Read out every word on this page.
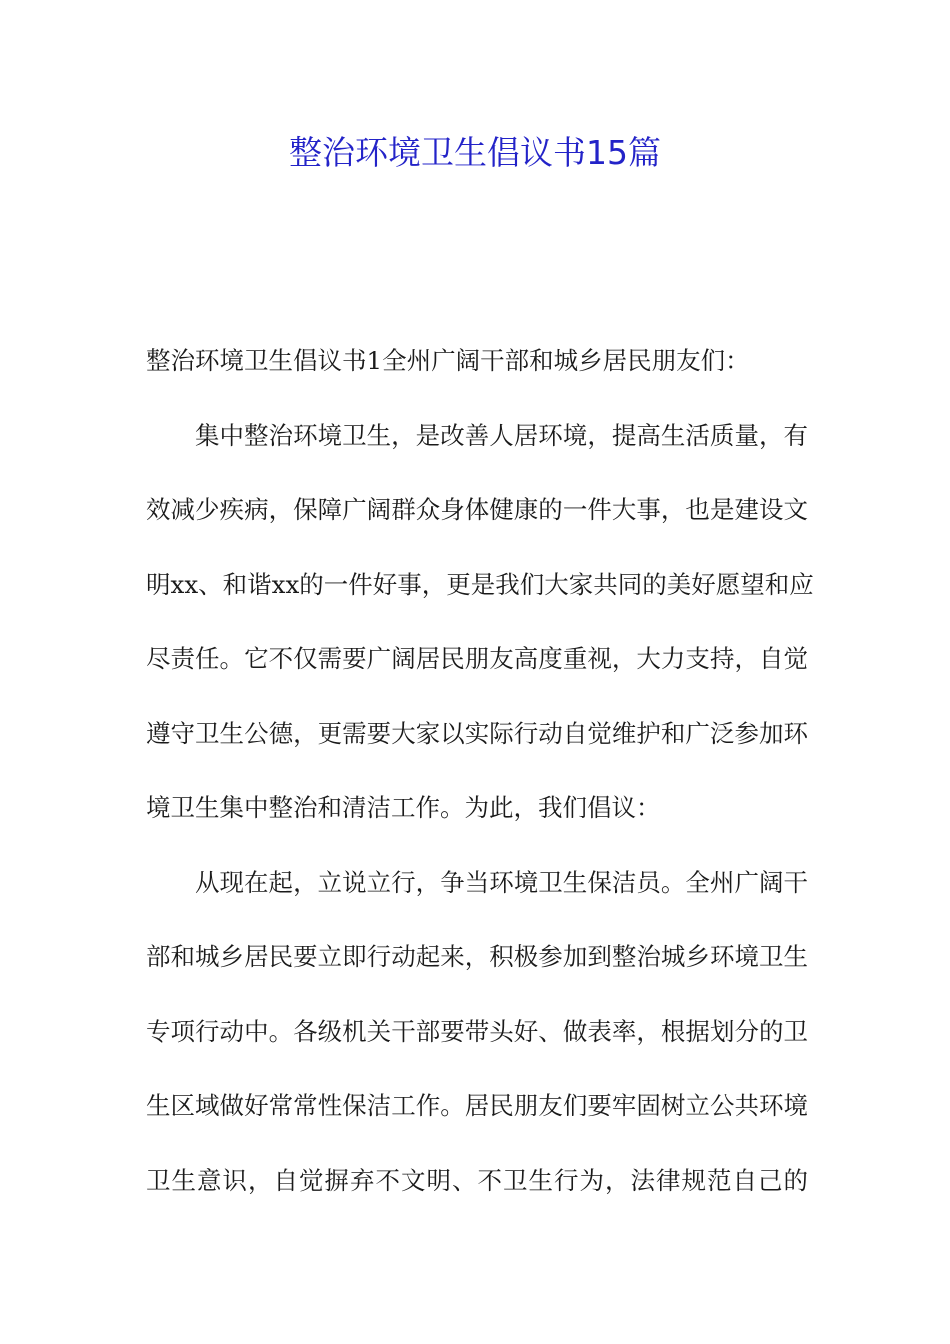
整治环境卫生倡议书15篇
整治环境卫生倡议书1全州广阔干部和城乡居民朋友们：
集中整治环境卫生，是改善人居环境，提高生活质量，有
效减少疾病，保障广阔群众身体健康的一件大事，也是建设文
明xx、和谐xx的一件好事，更是我们大家共同的美好愿望和应
尽责任。它不仅需要广阔居民朋友高度重视，大力支持，自觉
遵守卫生公德，更需要大家以实际行动自觉维护和广泛参加环
境卫生集中整治和清洁工作。为此，我们倡议：
从现在起，立说立行，争当环境卫生保洁员。全州广阔干
部和城乡居民要立即行动起来，积极参加到整治城乡环境卫生
专项行动中。各级机关干部要带头好、做表率，根据划分的卫
生区域做好常常性保洁工作。居民朋友们要牢固树立公共环境
卫生意识，自觉摒弃不文明、不卫生行为，法律规范自己的
